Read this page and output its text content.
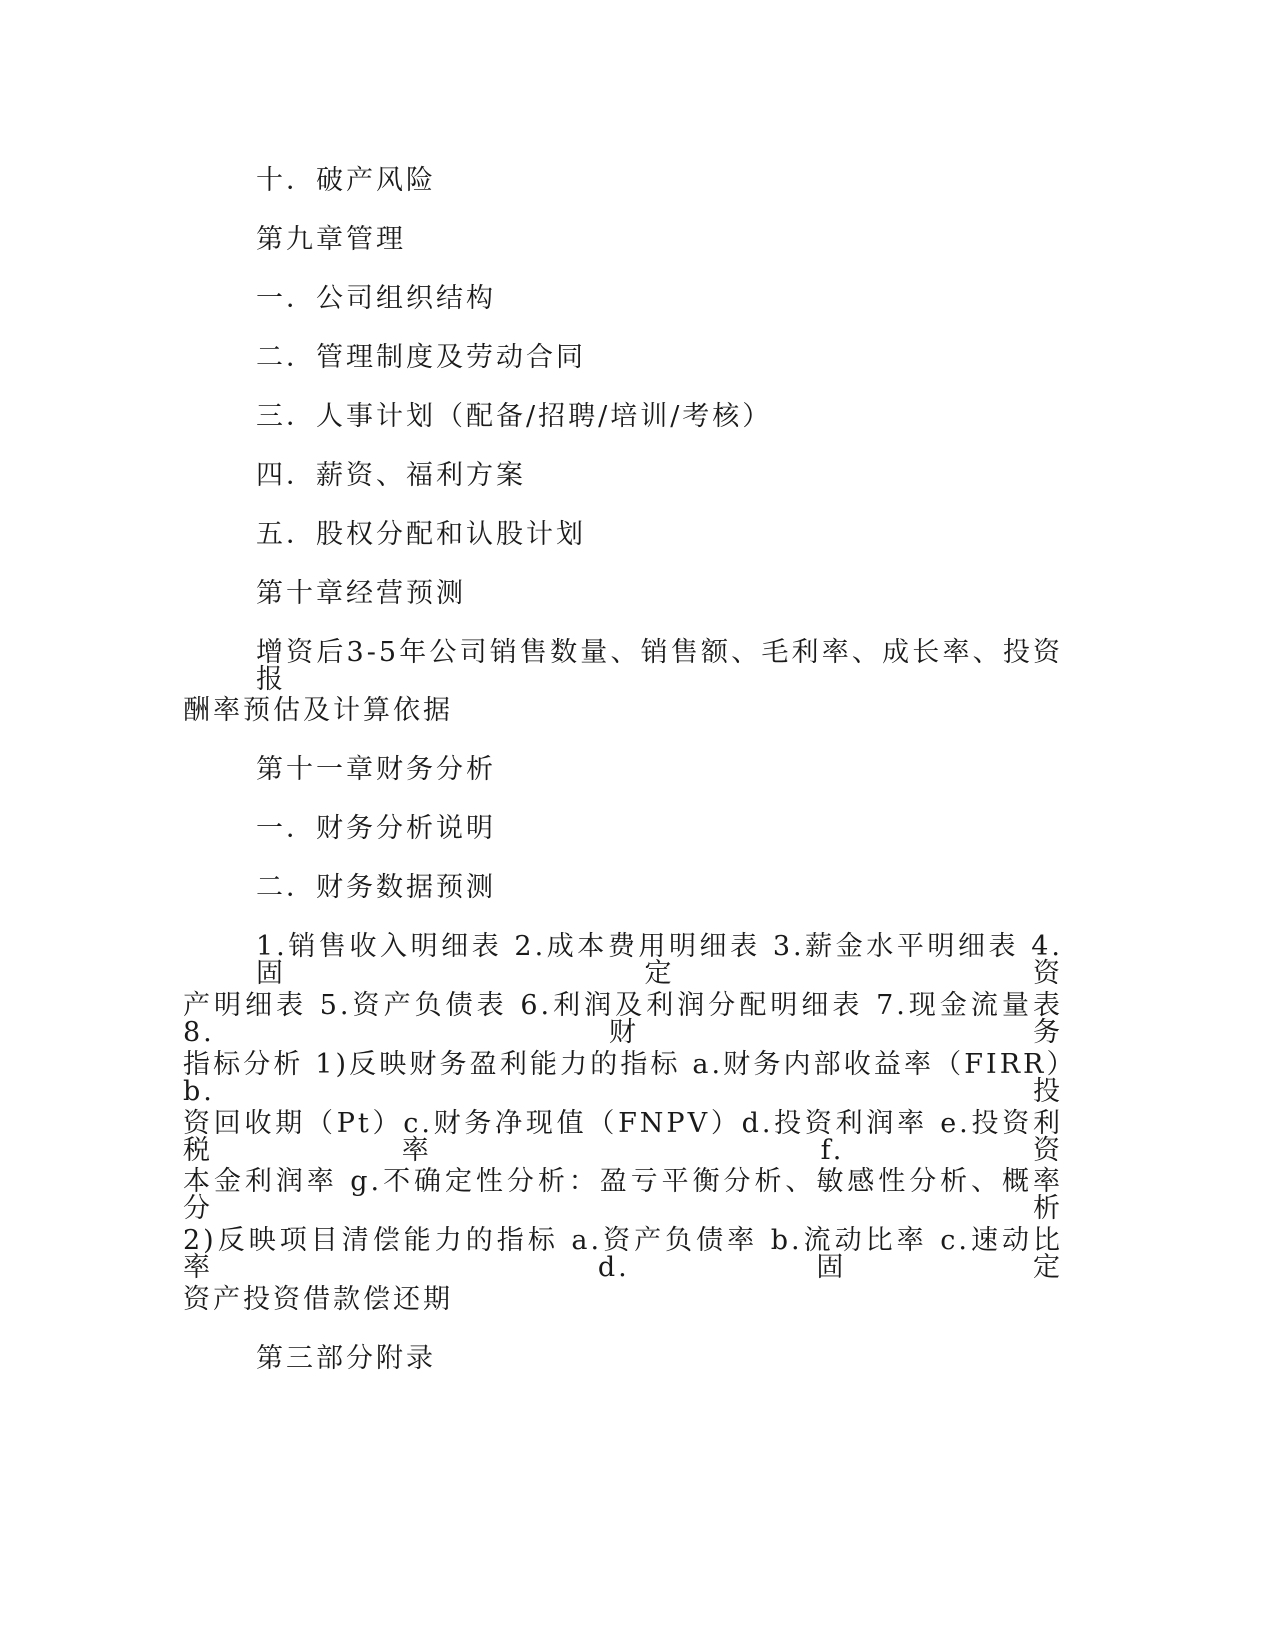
十．破产风险
第九章管理
一．公司组织结构
二．管理制度及劳动合同
三．人事计划（配备/招聘/培训/考核）
四．薪资、福利方案
五．股权分配和认股计划
第十章经营预测
增资后3-5年公司销售数量、销售额、毛利率、成长率、投资报
酬率预估及计算依据
第十一章财务分析
一．财务分析说明
二．财务数据预测
1.销售收入明细表 2.成本费用明细表 3.薪金水平明细表 4.固定资
产明细表 5.资产负债表 6.利润及利润分配明细表 7.现金流量表 8.财务
指标分析 1)反映财务盈利能力的指标 a.财务内部收益率（FIRR）b.投
资回收期（Pt）c.财务净现值（FNPV）d.投资利润率 e.投资利税率 f.资
本金利润率 g.不确定性分析：盈亏平衡分析、敏感性分析、概率分析
2)反映项目清偿能力的指标 a.资产负债率 b.流动比率 c.速动比率 d.固定
资产投资借款偿还期
第三部分附录
